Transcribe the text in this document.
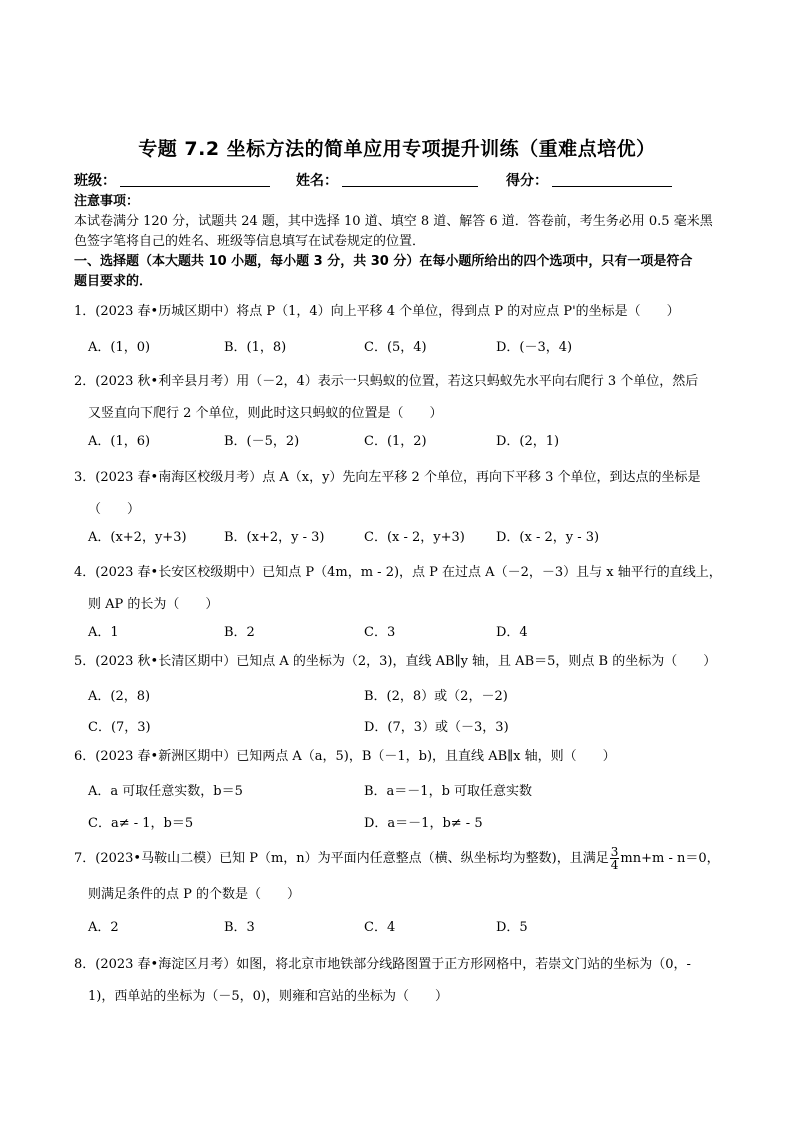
专题 7.2 坐标方法的简单应用专项提升训练（重难点培优）
班级：	姓名：	得分：
注意事项：
本试卷满分 120 分，试题共 24 题，其中选择 10 道、填空 8 道、解答 6 道．答卷前，考生务必用 0.5 毫米黑
色签字笔将自己的姓名、班级等信息填写在试卷规定的位置．
一、选择题（本大题共 10 小题，每小题 3 分，共 30 分）在每小题所给出的四个选项中，只有一项是符合
题目要求的．
1．(2023 春•历城区期中）将点 P（1，4）向上平移 4 个单位，得到点 P 的对应点 P'的坐标是（　　）
A．(1，0)	B．(1，8)	C．(5，4)	D．(－3，4)
2．(2023 秋•利辛县月考）用（－2，4）表示一只蚂蚁的位置，若这只蚂蚁先水平向右爬行 3 个单位，然后
又竖直向下爬行 2 个单位，则此时这只蚂蚁的位置是（　　）
A．(1，6)	B．(－5，2)	C．(1，2)	D．(2，1)
3．(2023 春•南海区校级月考）点 A（x，y）先向左平移 2 个单位，再向下平移 3 个单位，到达点的坐标是
（　　）
A．(x+2，y+3)	B．(x+2，y - 3)	C．(x - 2，y+3) D．(x - 2，y - 3)
4．(2023 春•长安区校级期中）已知点 P（4m，m - 2)，点 P 在过点 A（－2，－3）且与 x 轴平行的直线上，
则 AP 的长为（　　）
A．1	B．2	C．3	D．4
5．(2023 秋•长清区期中）已知点 A 的坐标为（2，3)，直线 AB∥y 轴，且 AB＝5，则点 B 的坐标为（　　）
A．(2，8)	B．(2，8）或（2，－2)
C．(7，3)	D．(7，3）或（－3，3)
6．(2023 春•新洲区期中）已知两点 A（a，5)，B（－1，b)，且直线 AB∥x 轴，则（　　）
A．a 可取任意实数，b＝5	B．a＝－1，b 可取任意实数
C．a≠ - 1，b＝5	D．a＝－1，b≠ - 5
7．(2023•马鞍山二模）已知 P（m，n）为平面内任意整点（横、纵坐标均为整数)，且满足 $\frac{3}{4} mn+m - n=0$，
则满足条件的点 P 的个数是（　　）
A．2	B．3	C．4	D．5
8．(2023 春•海淀区月考）如图，将北京市地铁部分线路图置于正方形网格中，若崇文门站的坐标为（0，-
1)，西单站的坐标为（－5，0)，则雍和宫站的坐标为（　　）
